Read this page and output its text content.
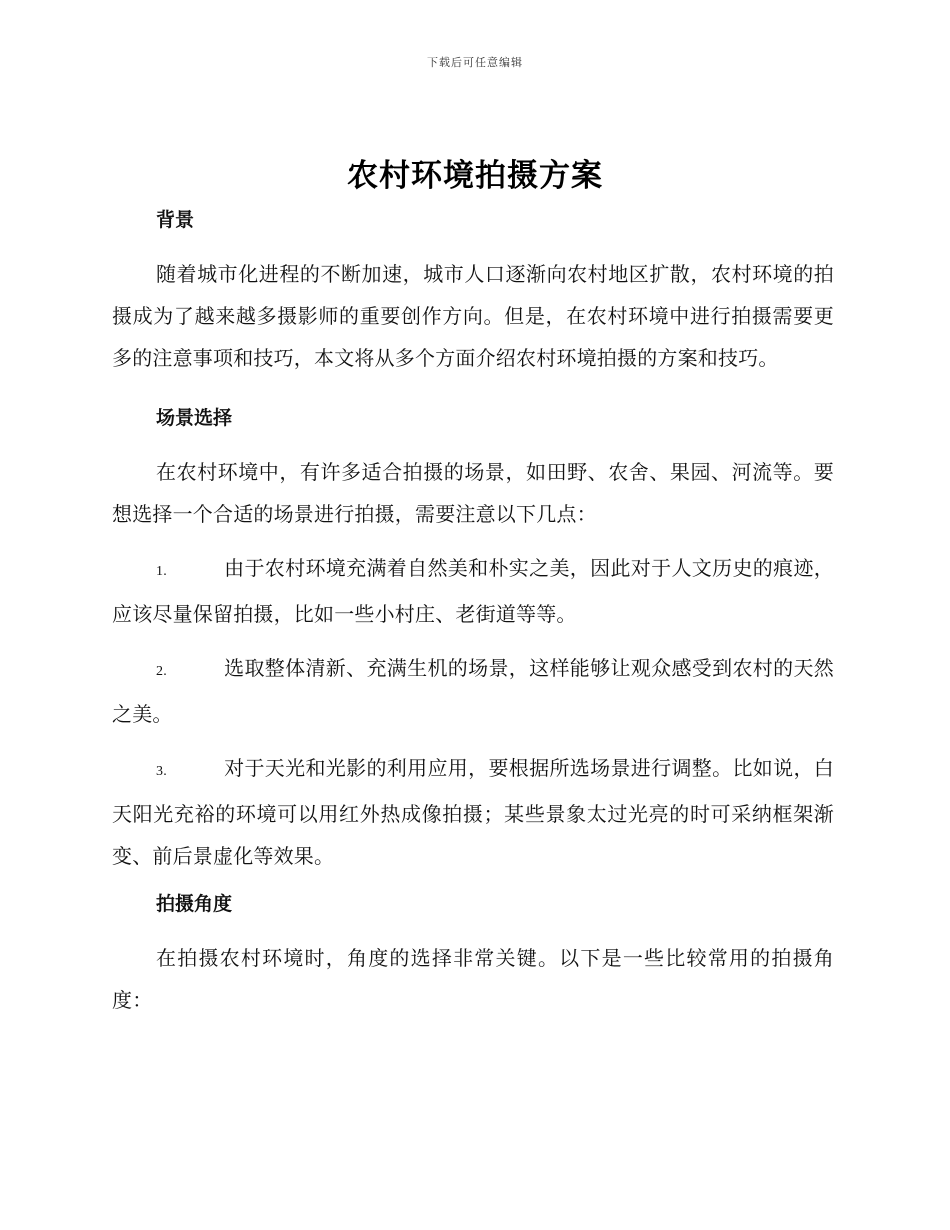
下载后可任意编辑
农村环境拍摄方案

背景

随着城市化进程的不断加速，城市人口逐渐向农村地区扩散，农村环境的拍摄成为了越来越多摄影师的重要创作方向。但是，在农村环境中进行拍摄需要更多的注意事项和技巧，本文将从多个方面介绍农村环境拍摄的方案和技巧。

场景选择

在农村环境中，有许多适合拍摄的场景，如田野、农舍、果园、河流等。要想选择一个合适的场景进行拍摄，需要注意以下几点：

1.	由于农村环境充满着自然美和朴实之美，因此对于人文历史的痕迹，应该尽量保留拍摄，比如一些小村庄、老街道等等。

2.	选取整体清新、充满生机的场景，这样能够让观众感受到农村的天然之美。

3.	对于天光和光影的利用应用，要根据所选场景进行调整。比如说，白天阳光充裕的环境可以用红外热成像拍摄；某些景象太过光亮的时可采纳框架渐变、前后景虚化等效果。

拍摄角度

在拍摄农村环境时，角度的选择非常关键。以下是一些比较常用的拍摄角度：
